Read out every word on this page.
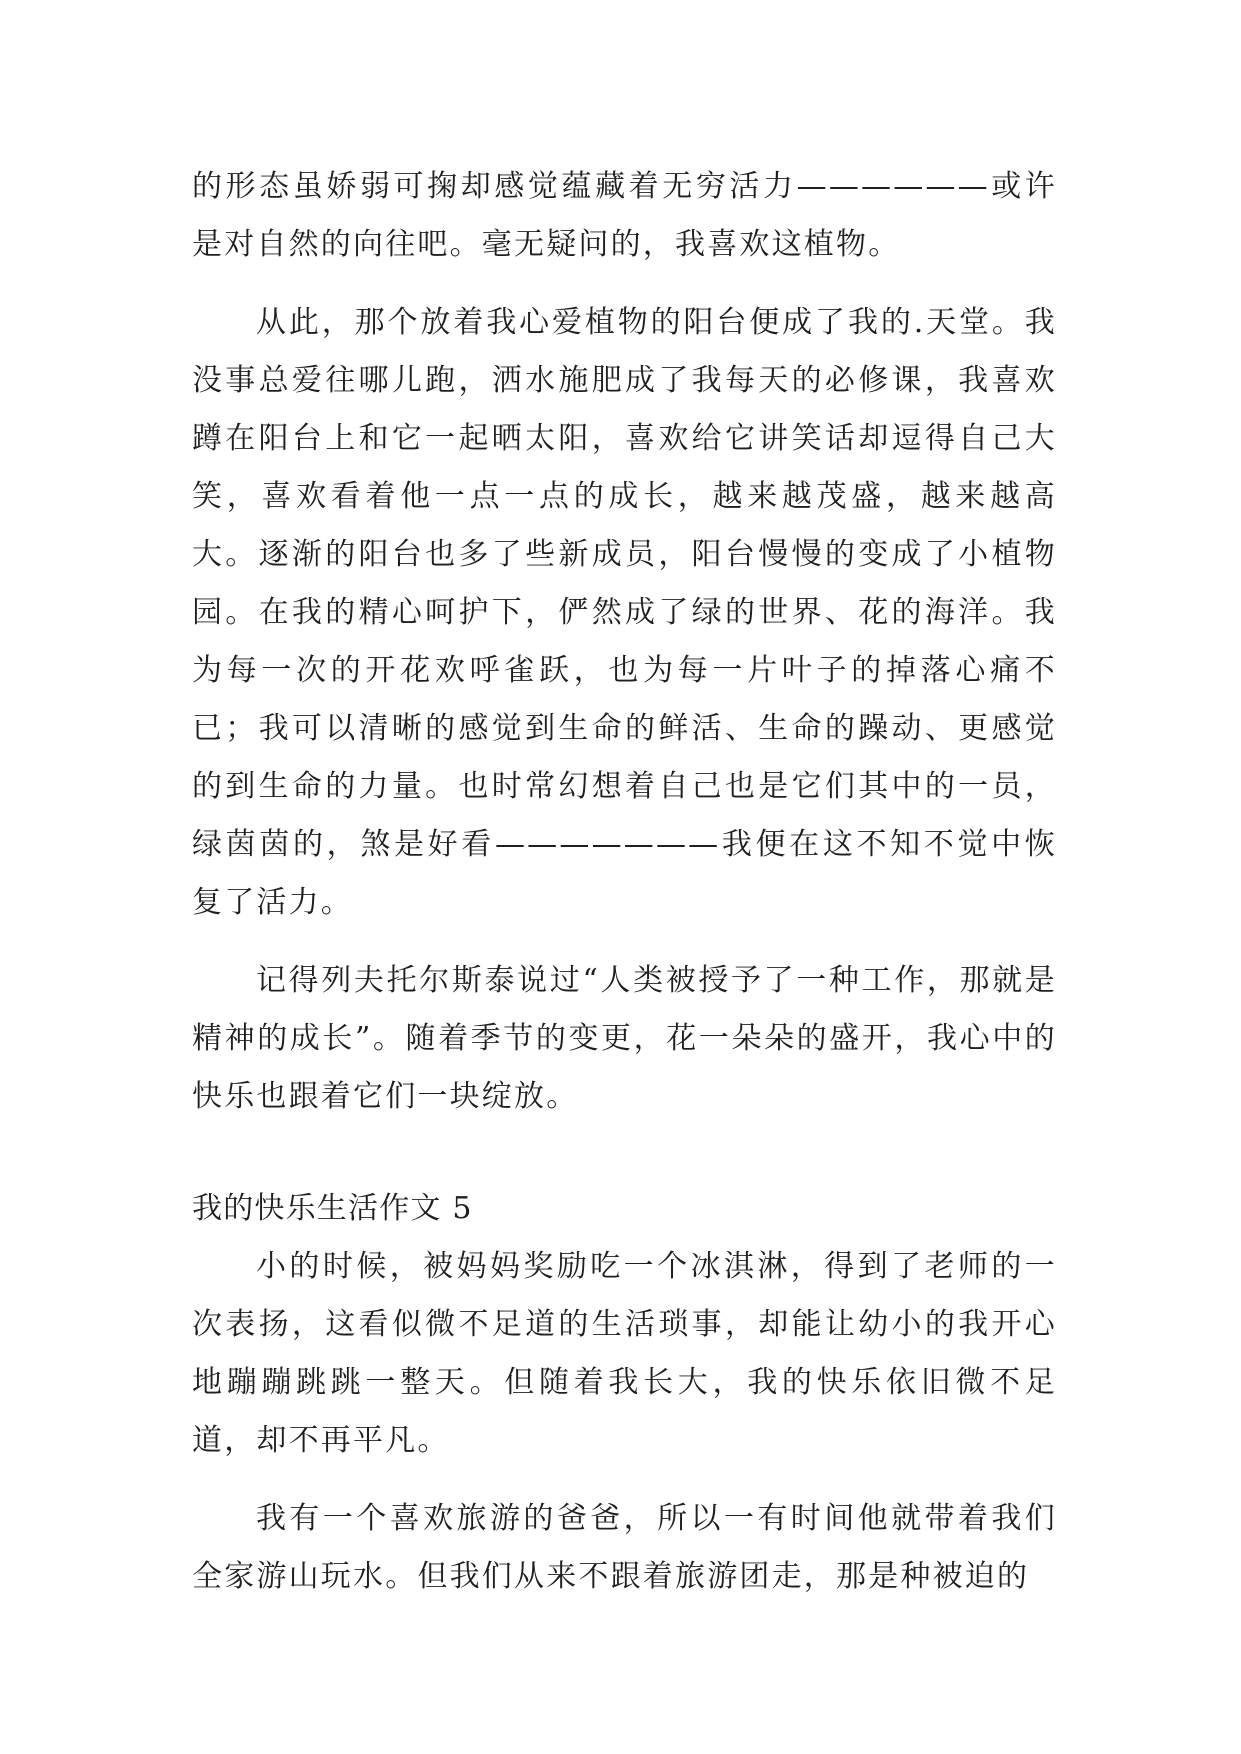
的形态虽娇弱可掬却感觉蕴藏着无穷活力——————或许是对自然的向往吧。毫无疑问的，我喜欢这植物。

从此，那个放着我心爱植物的阳台便成了我的.天堂。我没事总爱往哪儿跑，洒水施肥成了我每天的必修课，我喜欢蹲在阳台上和它一起晒太阳，喜欢给它讲笑话却逗得自己大笑，喜欢看着他一点一点的成长，越来越茂盛，越来越高大。逐渐的阳台也多了些新成员，阳台慢慢的变成了小植物园。在我的精心呵护下，俨然成了绿的世界、花的海洋。我为每一次的开花欢呼雀跃，也为每一片叶子的掉落心痛不已；我可以清晰的感觉到生命的鲜活、生命的躁动、更感觉的到生命的力量。也时常幻想着自己也是它们其中的一员，绿茵茵的，煞是好看———————我便在这不知不觉中恢复了活力。

记得列夫托尔斯泰说过“人类被授予了一种工作，那就是精神的成长”。随着季节的变更，花一朵朵的盛开，我心中的快乐也跟着它们一块绽放。

我的快乐生活作文 5

小的时候，被妈妈奖励吃一个冰淇淋，得到了老师的一次表扬，这看似微不足道的生活琐事，却能让幼小的我开心地蹦蹦跳跳一整天。但随着我长大，我的快乐依旧微不足道，却不再平凡。

我有一个喜欢旅游的爸爸，所以一有时间他就带着我们全家游山玩水。但我们从来不跟着旅游团走，那是种被迫的
